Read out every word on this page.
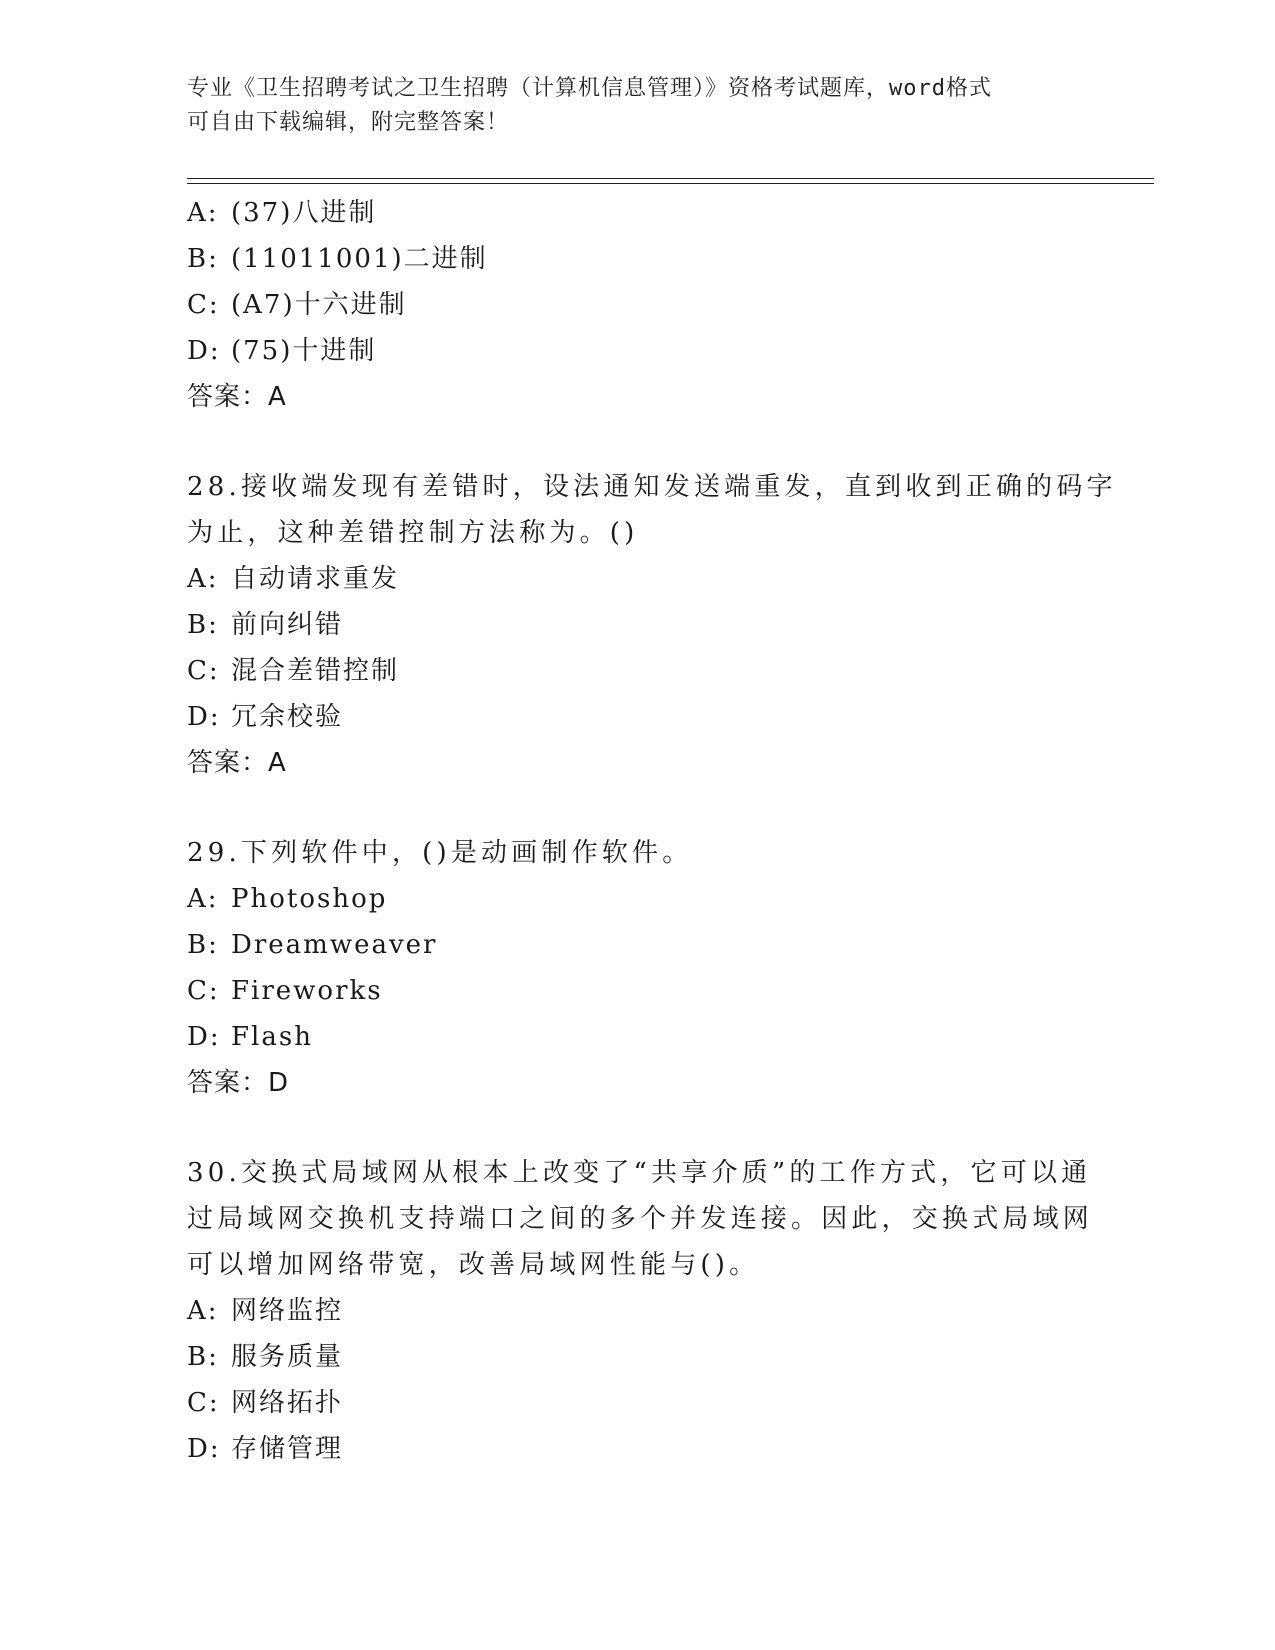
专业《卫生招聘考试之卫生招聘（计算机信息管理）》资格考试题库，word格式
可自由下载编辑，附完整答案！
A: (37)八进制
B: (11011001)二进制
C: (A7)十六进制
D: (75)十进制
答案：A
28.接收端发现有差错时，设法通知发送端重发，直到收到正确的码字
为止，这种差错控制方法称为。()
A: 自动请求重发
B: 前向纠错
C: 混合差错控制
D: 冗余校验
答案：A
29.下列软件中，()是动画制作软件。
A: Photoshop
B: Dreamweaver
C: Fireworks
D: Flash
答案：D
30.交换式局域网从根本上改变了“共享介质”的工作方式，它可以通
过局域网交换机支持端口之间的多个并发连接。因此，交换式局域网
可以增加网络带宽，改善局域网性能与()。
A: 网络监控
B: 服务质量
C: 网络拓扑
D: 存储管理
